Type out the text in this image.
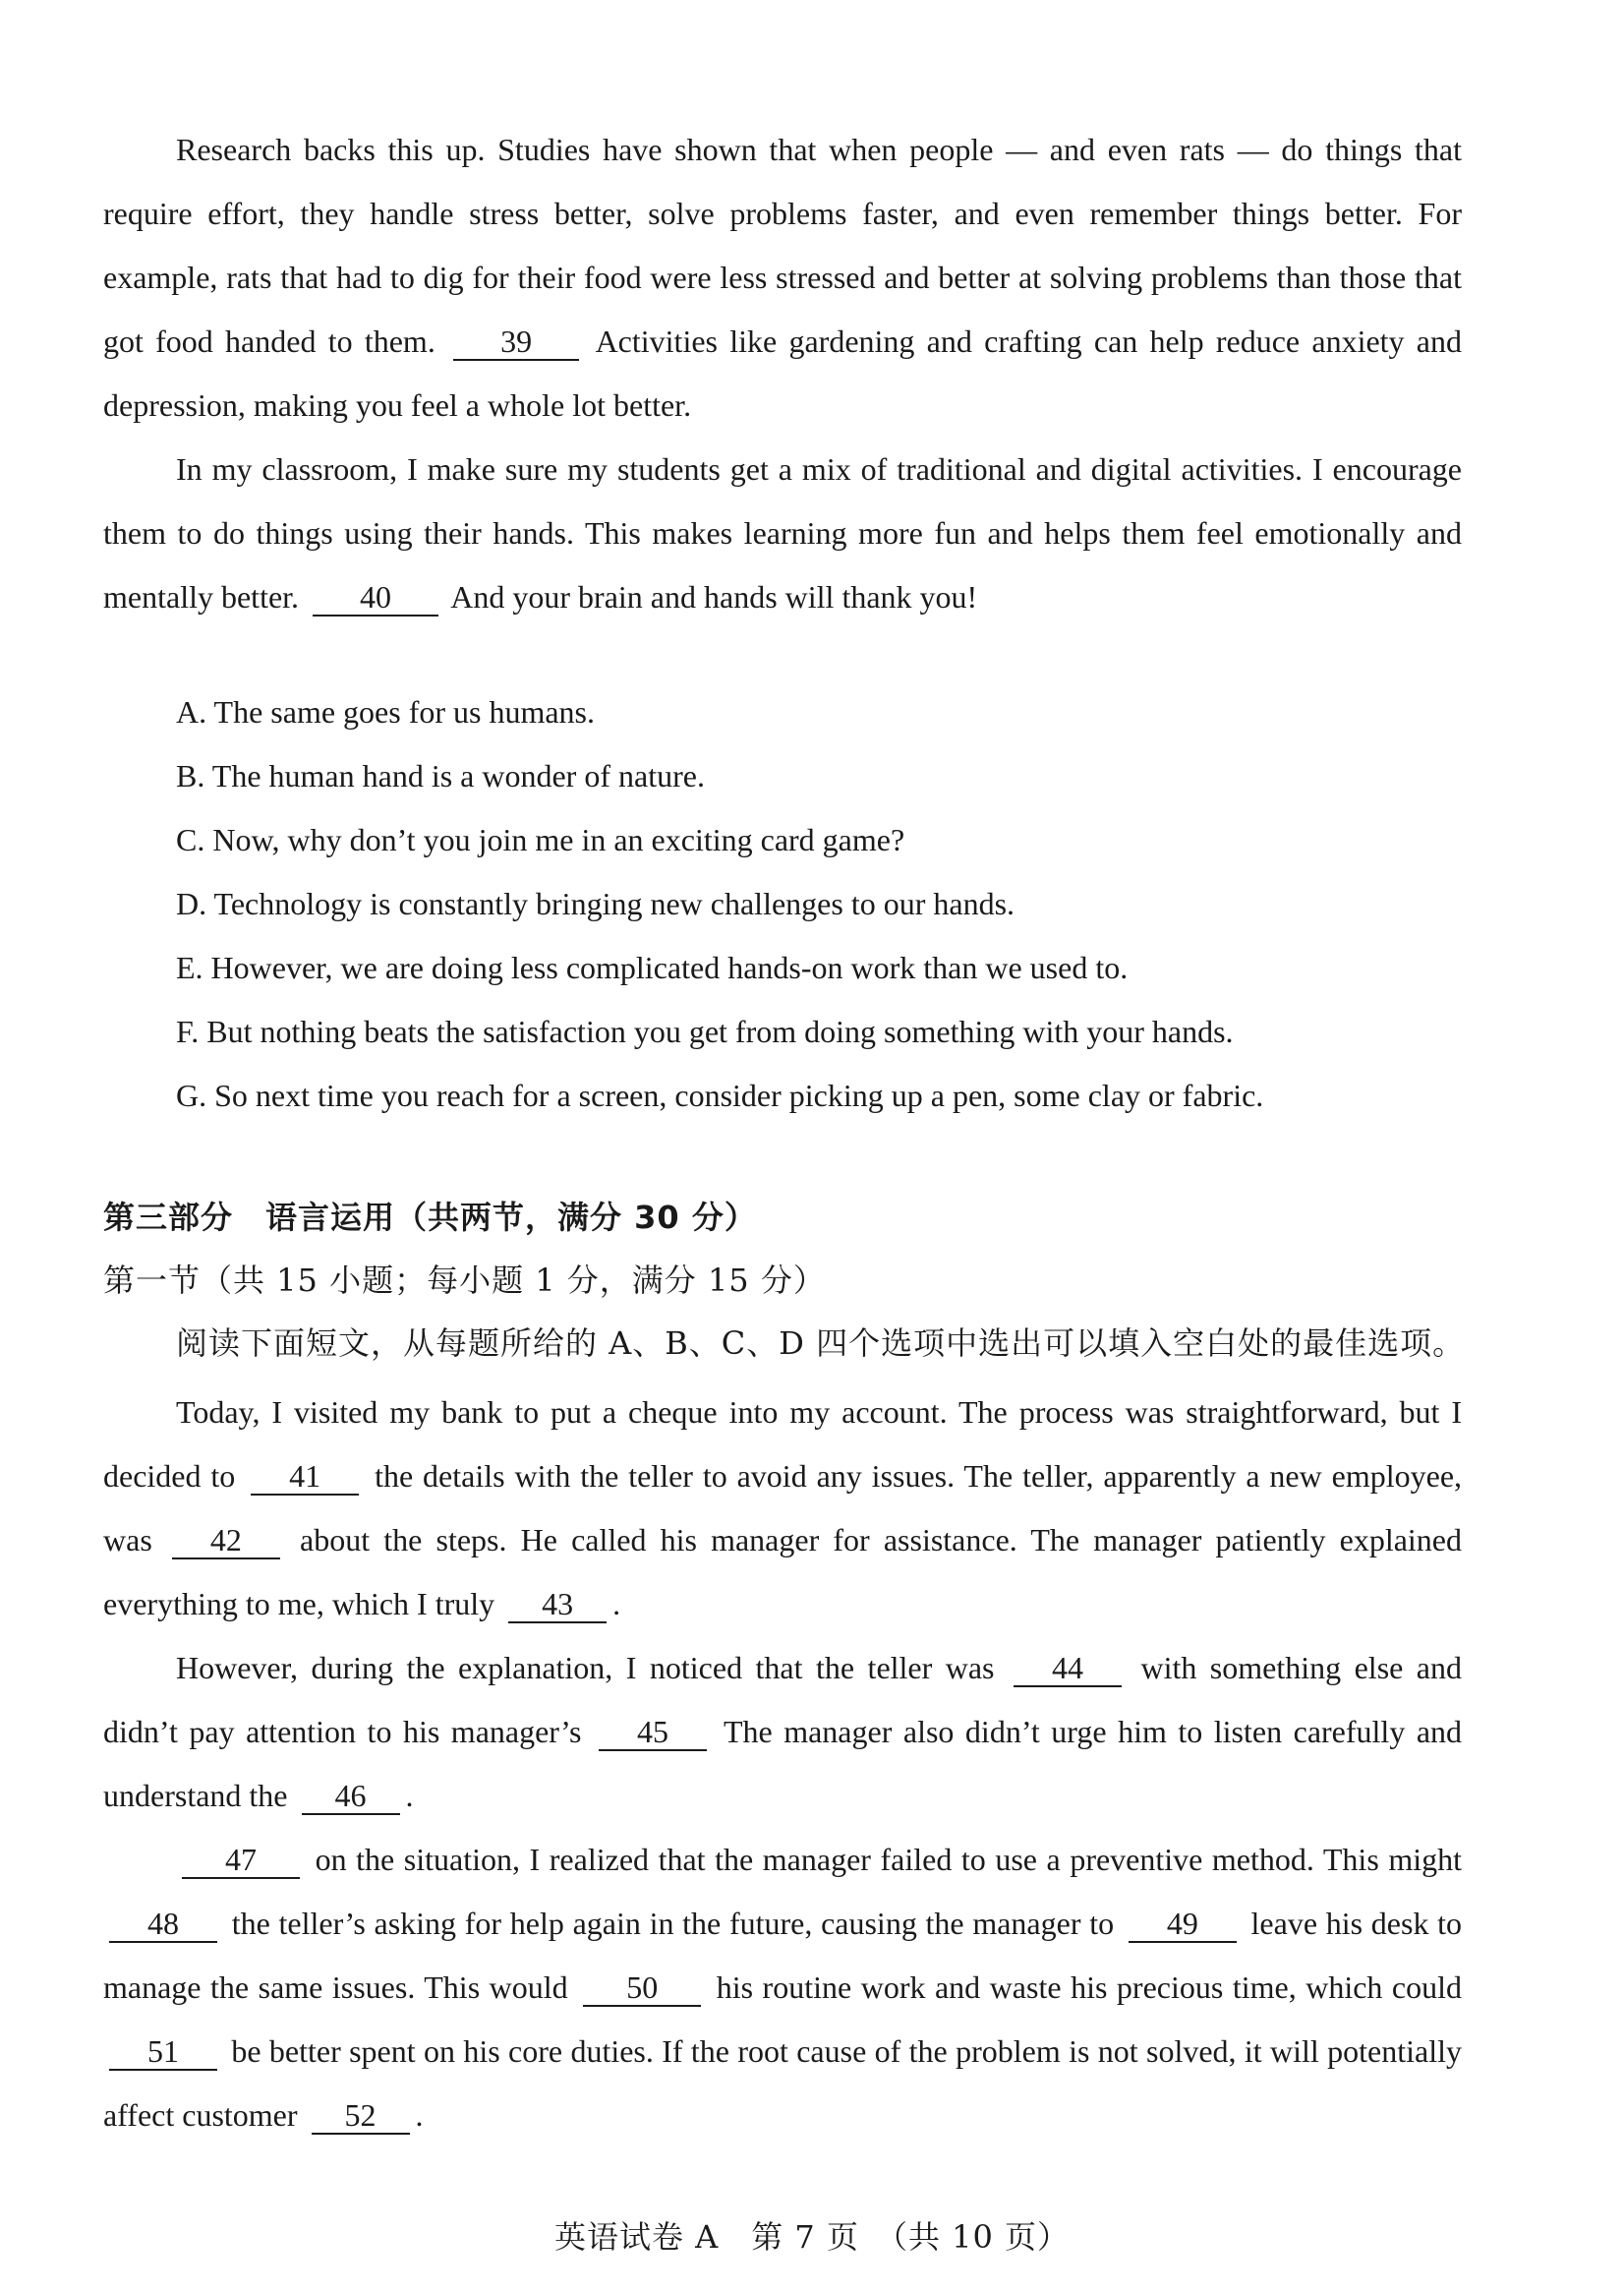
Research backs this up. Studies have shown that when people — and even rats — do things that require effort, they handle stress better, solve problems faster, and even remember things better. For example, rats that had to dig for their food were less stressed and better at solving problems than those that got food handed to them. 39 Activities like gardening and crafting can help reduce anxiety and depression, making you feel a whole lot better.

In my classroom, I make sure my students get a mix of traditional and digital activities. I encourage them to do things using their hands. This makes learning more fun and helps them feel emotionally and mentally better. 40 And your brain and hands will thank you!

A. The same goes for us humans.
B. The human hand is a wonder of nature.
C. Now, why don’t you join me in an exciting card game?
D. Technology is constantly bringing new challenges to our hands.
E. However, we are doing less complicated hands-on work than we used to.
F. But nothing beats the satisfaction you get from doing something with your hands.
G. So next time you reach for a screen, consider picking up a pen, some clay or fabric.
第三部分　语言运用（共两节，满分 30 分）
第一节（共 15 小题；每小题 1 分，满分 15 分）
阅读下面短文，从每题所给的 A、B、C、D 四个选项中选出可以填入空白处的最佳选项。

Today, I visited my bank to put a cheque into my account. The process was straightforward, but I decided to 41 the details with the teller to avoid any issues. The teller, apparently a new employee, was 42 about the steps. He called his manager for assistance. The manager patiently explained everything to me, which I truly 43 .

However, during the explanation, I noticed that the teller was 44 with something else and didn’t pay attention to his manager’s 45 The manager also didn’t urge him to listen carefully and understand the 46 .

47 on the situation, I realized that the manager failed to use a preventive method. This might 48 the teller’s asking for help again in the future, causing the manager to 49 leave his desk to manage the same issues. This would 50 his routine work and waste his precious time, which could 51 be better spent on his core duties. If the root cause of the problem is not solved, it will potentially affect customer 52 .

英语试卷 A　第 7 页　（共 10 页）
